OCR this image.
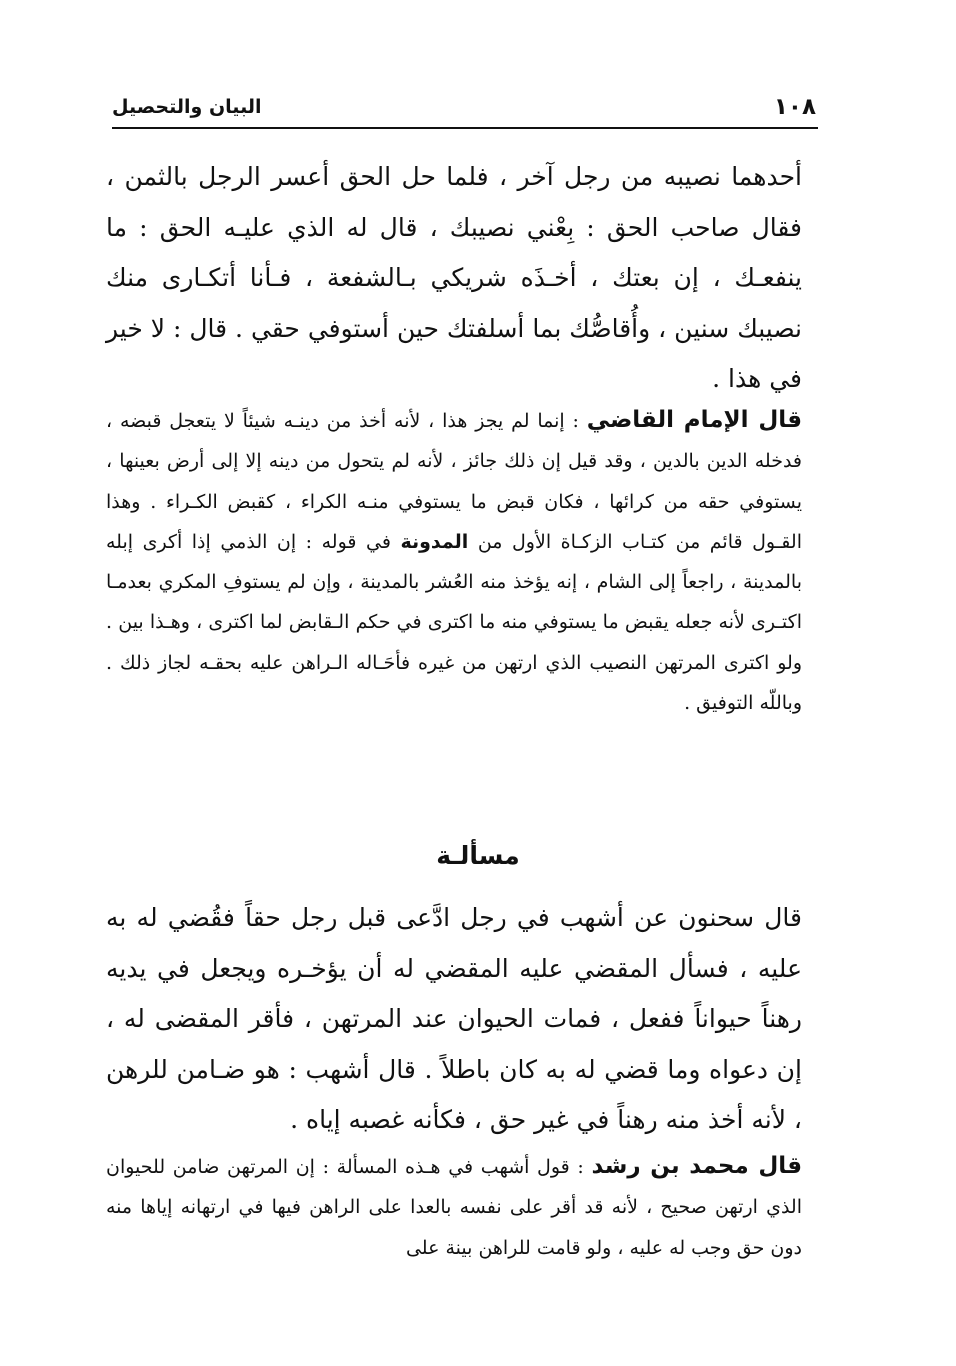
١٠٨
البيان والتحصيل
أحدهما نصيبه من رجل آخر ، فلما حل الحق أعسر الرجل بالثمن ، فقال صاحب الحق : بِعْني نصيبك ، قال له الذي عليـه الحق : ما ينفعـك ، إن بعتك ، أخـذَه شريكي بـالشفعة ، فـأنا أتكـارى منك نصيبك سنين ، وأُقاصُّك بما أسلفتك حين أستوفي حقي . قال : لا خير في هذا .
قال الإمام القاضي : إنما لم يجز هذا ، لأنه أخذ من دينـه شيئاً لا يتعجل قبضه ، فدخله الدين بالدين ، وقد قيل إن ذلك جائز ، لأنه لم يتحول من دينه إلا إلى أرض بعينها ، يستوفي حقه من كرائها ، فكان قبض ما يستوفي منـه الكراء ، كقبض الكـراء . وهذا القـول قائم من كتـاب الزكـاة الأول من المدونة في قوله : إن الذمي إذا أكرى إبله بالمدينة ، راجعاً إلى الشام ، إنه يؤخذ منه العُشر بالمدينة ، وإن لم يستوفِ المكري بعدمـا اكتـرى لأنه جعله يقبض ما يستوفي منه ما اكترى في حكم الـقابض لما اكترى ، وهـذا بين . ولو اكترى المرتهن النصيب الذي ارتهن من غيره فأحَـاله الـراهن عليه بحقـه لجاز ذلك . وباللّه التوفيق .
مسألـة
قال سحنون عن أشهب في رجل ادَّعى قبل رجل حقاً فقُضي له به عليه ، فسأل المقضي عليه المقضي له أن يؤخـره ويجعل في يديه رهناً حيواناً ففعل ، فمات الحيوان عند المرتهن ، فأقر المقضى له ، إن دعواه وما قضي له به كان باطلاً . قال أشهب : هو ضـامن للرهن ، لأنه أخذ منه رهناً في غير حق ، فكأنه غصبه إياه .
قال محمد بن رشد : قول أشهب في هـذه المسألة : إن المرتهن ضامن للحيوان الذي ارتهن صحيح ، لأنه قد أقر على نفسه بالعدا على الراهن فيها في ارتهانه إياها منه دون حق وجب له عليه ، ولو قامت للراهن بينة على
